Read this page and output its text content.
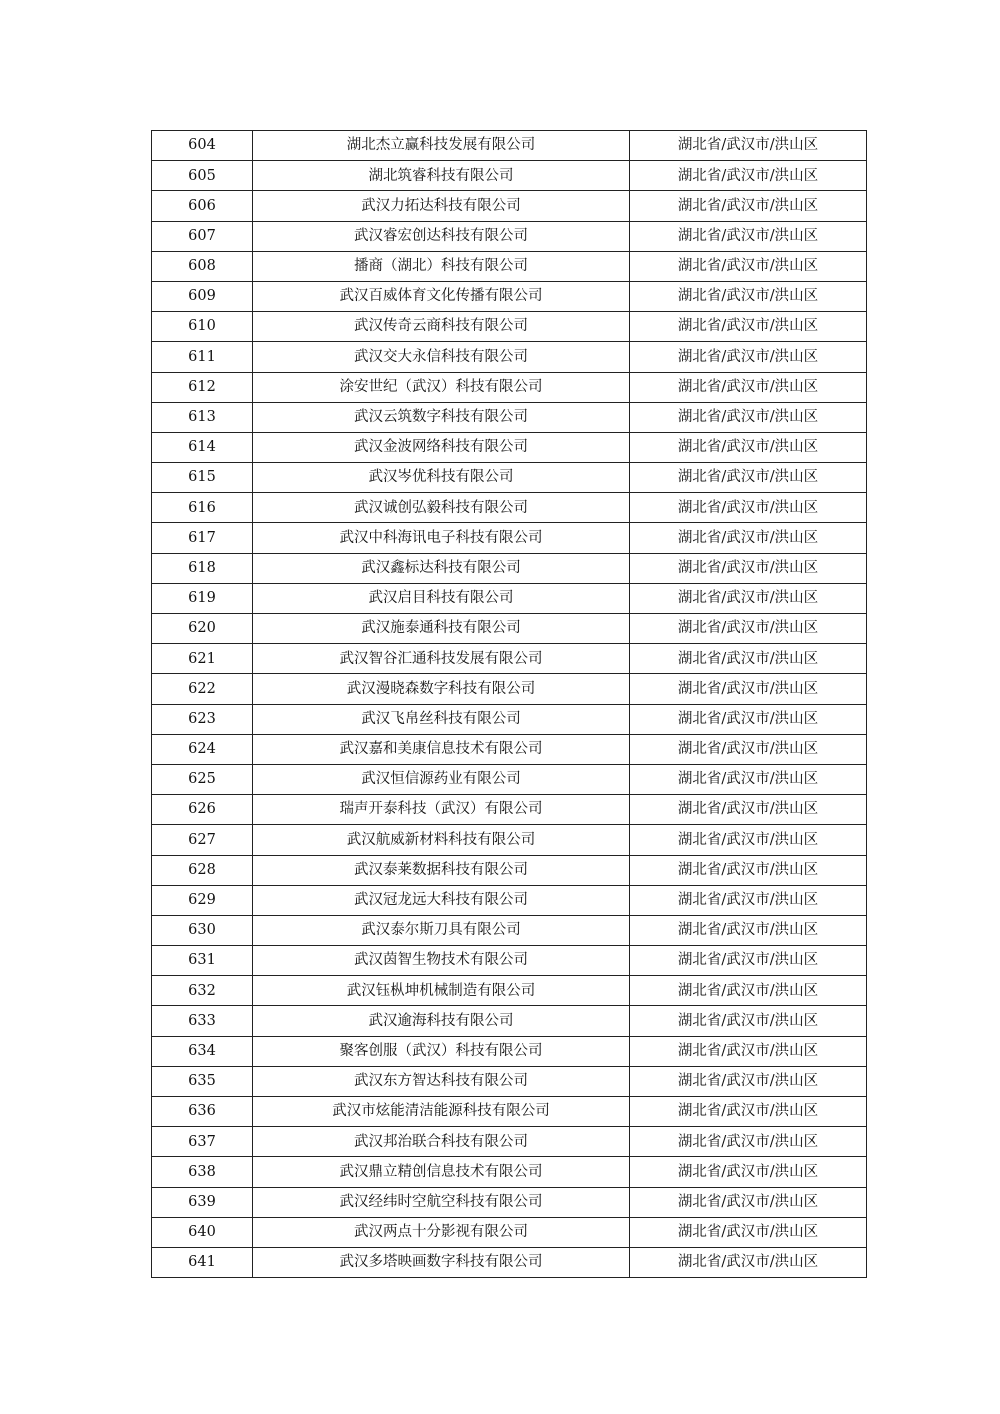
604	湖北杰立赢科技发展有限公司	湖北省/武汉市/洪山区
605	湖北筑睿科技有限公司	湖北省/武汉市/洪山区
606	武汉力拓达科技有限公司	湖北省/武汉市/洪山区
607	武汉睿宏创达科技有限公司	湖北省/武汉市/洪山区
608	播商（湖北）科技有限公司	湖北省/武汉市/洪山区
609	武汉百威体育文化传播有限公司	湖北省/武汉市/洪山区
610	武汉传奇云商科技有限公司	湖北省/武汉市/洪山区
611	武汉交大永信科技有限公司	湖北省/武汉市/洪山区
612	涂安世纪（武汉）科技有限公司	湖北省/武汉市/洪山区
613	武汉云筑数字科技有限公司	湖北省/武汉市/洪山区
614	武汉金波网络科技有限公司	湖北省/武汉市/洪山区
615	武汉岑优科技有限公司	湖北省/武汉市/洪山区
616	武汉诚创弘毅科技有限公司	湖北省/武汉市/洪山区
617	武汉中科海讯电子科技有限公司	湖北省/武汉市/洪山区
618	武汉鑫标达科技有限公司	湖北省/武汉市/洪山区
619	武汉启目科技有限公司	湖北省/武汉市/洪山区
620	武汉施泰通科技有限公司	湖北省/武汉市/洪山区
621	武汉智谷汇通科技发展有限公司	湖北省/武汉市/洪山区
622	武汉漫晓森数字科技有限公司	湖北省/武汉市/洪山区
623	武汉飞帛丝科技有限公司	湖北省/武汉市/洪山区
624	武汉嘉和美康信息技术有限公司	湖北省/武汉市/洪山区
625	武汉恒信源药业有限公司	湖北省/武汉市/洪山区
626	瑞声开泰科技（武汉）有限公司	湖北省/武汉市/洪山区
627	武汉航威新材料科技有限公司	湖北省/武汉市/洪山区
628	武汉泰莱数据科技有限公司	湖北省/武汉市/洪山区
629	武汉冠龙远大科技有限公司	湖北省/武汉市/洪山区
630	武汉泰尔斯刀具有限公司	湖北省/武汉市/洪山区
631	武汉茵智生物技术有限公司	湖北省/武汉市/洪山区
632	武汉钰枞坤机械制造有限公司	湖北省/武汉市/洪山区
633	武汉逾海科技有限公司	湖北省/武汉市/洪山区
634	聚客创服（武汉）科技有限公司	湖北省/武汉市/洪山区
635	武汉东方智达科技有限公司	湖北省/武汉市/洪山区
636	武汉市炫能清洁能源科技有限公司	湖北省/武汉市/洪山区
637	武汉邦治联合科技有限公司	湖北省/武汉市/洪山区
638	武汉鼎立精创信息技术有限公司	湖北省/武汉市/洪山区
639	武汉经纬时空航空科技有限公司	湖北省/武汉市/洪山区
640	武汉两点十分影视有限公司	湖北省/武汉市/洪山区
641	武汉多塔映画数字科技有限公司	湖北省/武汉市/洪山区
